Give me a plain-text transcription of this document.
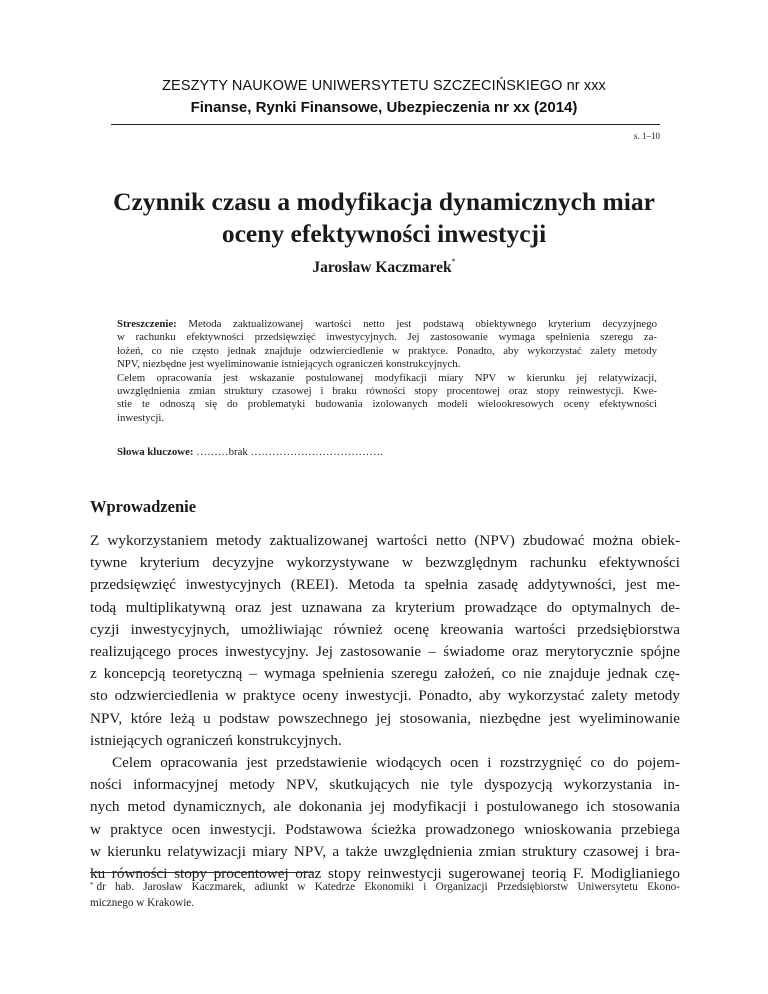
ZESZYTY NAUKOWE UNIWERSYTETU SZCZECIŃSKIEGO nr xxx
Finanse, Rynki Finansowe, Ubezpieczenia nr xx (2014)
s. 1–10
Czynnik czasu a modyfikacja dynamicznych miar
oceny efektywności inwestycji
Jarosław Kaczmarek*
Streszczenie: Metoda zaktualizowanej wartości netto jest podstawą obiektywnego kryterium decyzyjnego
w rachunku efektywności przedsięwzięć inwestycyjnych. Jej zastosowanie wymaga spełnienia szeregu za-
łożeń, co nie często jednak znajduje odzwierciedlenie w praktyce. Ponadto, aby wykorzystać zalety metody
NPV, niezbędne jest wyeliminowanie istniejących ograniczeń konstrukcyjnych.
Celem opracowania jest wskazanie postulowanej modyfikacji miary NPV w kierunku jej relatywizacji,
uwzględnienia zmian struktury czasowej i braku równości stopy procentowej oraz stopy reinwestycji. Kwe-
stie te odnoszą się do problematyki budowania izolowanych modeli wielookresowych oceny efektywności
inwestycji.
Słowa kluczowe: ………brak ……………………………….
Wprowadzenie
Z wykorzystaniem metody zaktualizowanej wartości netto (NPV) zbudować można obiek-
tywne kryterium decyzyjne wykorzystywane w bezwzględnym rachunku efektywności
przedsięwzięć inwestycyjnych (REEI). Metoda ta spełnia zasadę addytywności, jest me-
todą multiplikatywną oraz jest uznawana za kryterium prowadzące do optymalnych de-
cyzji inwestycyjnych, umożliwiając również ocenę kreowania wartości przedsiębiorstwa
realizującego proces inwestycyjny. Jej zastosowanie – świadome oraz merytorycznie spójne
z koncepcją teoretyczną – wymaga spełnienia szeregu założeń, co nie znajduje jednak czę-
sto odzwierciedlenia w praktyce oceny inwestycji. Ponadto, aby wykorzystać zalety metody
NPV, które leżą u podstaw powszechnego jej stosowania, niezbędne jest wyeliminowanie
istniejących ograniczeń konstrukcyjnych.
Celem opracowania jest przedstawienie wiodących ocen i rozstrzygnięć co do pojem-
ności informacyjnej metody NPV, skutkujących nie tyle dyspozycją wykorzystania in-
nych metod dynamicznych, ale dokonania jej modyfikacji i postulowanego ich stosowania
w praktyce ocen inwestycji. Podstawowa ścieżka prowadzonego wnioskowania przebiega
w kierunku relatywizacji miary NPV, a także uwzględnienia zmian struktury czasowej i bra-
ku równości stopy procentowej oraz stopy reinwestycji sugerowanej teorią F. Modiglianiego
* dr hab. Jarosław Kaczmarek, adiunkt w Katedrze Ekonomiki i Organizacji Przedsiębiorstw Uniwersytetu Ekono-
micznego w Krakowie.
